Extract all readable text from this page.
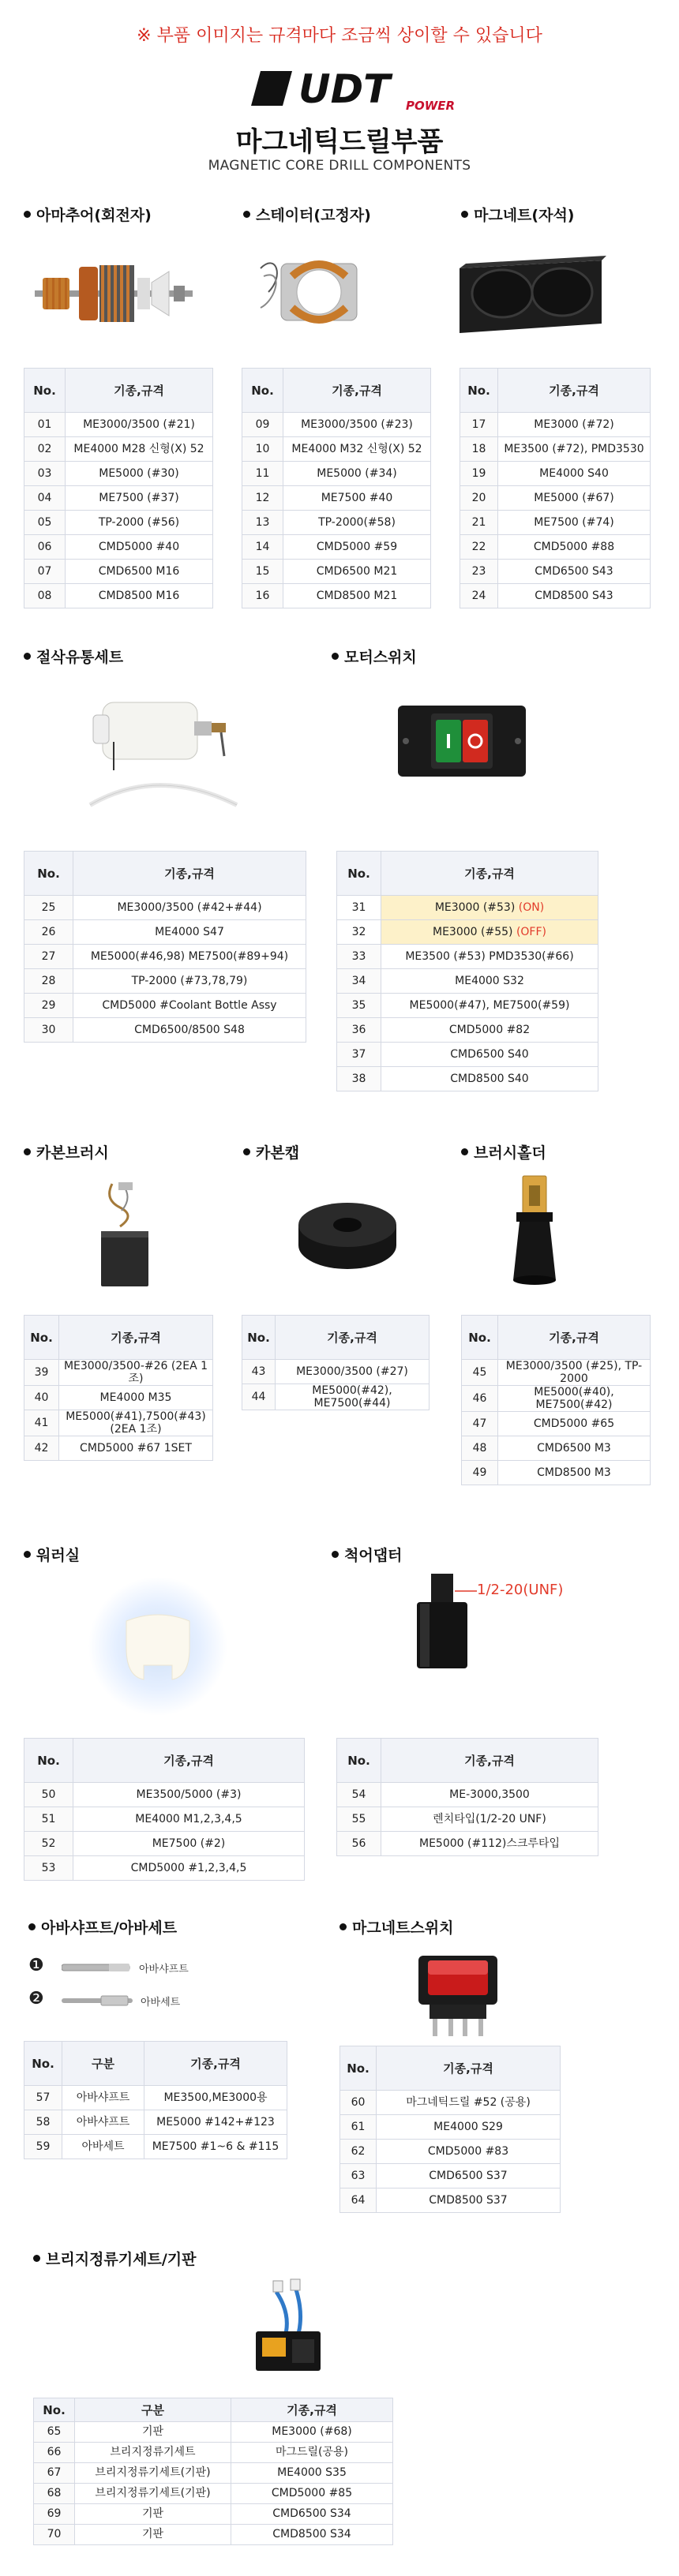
※ 부품 이미지는 규격마다 조금씩 상이할 수 있습니다
UDT POWER
마그네틱드릴부품
MAGNETIC CORE DRILL COMPONENTS
아마추어(회전자)	스테이터(고정자)	마그네트(자석)
No.	기종,규격
01	ME3000/3500 (#21)
02	ME4000 M28 신형(X) 52
03	ME5000 (#30)
04	ME7500 (#37)
05	TP-2000 (#56)
06	CMD5000 #40
07	CMD6500 M16
08	CMD8500 M16
No.	기종,규격
09	ME3000/3500 (#23)
10	ME4000 M32 신형(X) 52
11	ME5000 (#34)
12	ME7500 #40
13	TP-2000(#58)
14	CMD5000 #59
15	CMD6500 M21
16	CMD8500 M21
No.	기종,규격
17	ME3000 (#72)
18	ME3500 (#72), PMD3530
19	ME4000 S40
20	ME5000 (#67)
21	ME7500 (#74)
22	CMD5000 #88
23	CMD6500 S43
24	CMD8500 S43
절삭유통세트	모터스위치
No.	기종,규격
25	ME3000/3500 (#42+#44)
26	ME4000 S47
27	ME5000(#46,98) ME7500(#89+94)
28	TP-2000 (#73,78,79)
29	CMD5000 #Coolant Bottle Assy
30	CMD6500/8500 S48
No.	기종,규격
31	ME3000 (#53) (ON)
32	ME3000 (#55) (OFF)
33	ME3500 (#53) PMD3530(#66)
34	ME4000 S32
35	ME5000(#47), ME7500(#59)
36	CMD5000 #82
37	CMD6500 S40
38	CMD8500 S40
카본브러시	카본캡	브러시홀더
No.	기종,규격
39	ME3000/3500-#26 (2EA 1조)
40	ME4000 M35
41	ME5000(#41),7500(#43) (2EA 1조)
42	CMD5000 #67 1SET
No.	기종,규격
43	ME3000/3500 (#27)
44	ME5000(#42), ME7500(#44)
No.	기종,규격
45	ME3000/3500 (#25), TP-2000
46	ME5000(#40), ME7500(#42)
47	CMD5000 #65
48	CMD6500 M3
49	CMD8500 M3
워러실	척어댑터
1/2-20(UNF)
No.	기종,규격
50	ME3500/5000 (#3)
51	ME4000 M1,2,3,4,5
52	ME7500 (#2)
53	CMD5000 #1,2,3,4,5
No.	기종,규격
54	ME-3000,3500
55	렌치타입(1/2-20 UNF)
56	ME5000 (#112)스크루타입
아바샤프트/아바세트	마그네트스위치
❶	아바샤프트
❷	아바세트
No.	구분	기종,규격
57	아바샤프트	ME3500,ME3000용
58	아바샤프트	ME5000 #142+#123
59	아바세트	ME7500 #1~6 & #115
No.	기종,규격
60	마그네틱드릴 #52 (공용)
61	ME4000 S29
62	CMD5000 #83
63	CMD6500 S37
64	CMD8500 S37
브리지정류기세트/기판
No.	구분	기종,규격
65	기판	ME3000 (#68)
66	브리지정류기세트	마그드릴(공용)
67	브리지정류기세트(기판)	ME4000 S35
68	브리지정류기세트(기판)	CMD5000 #85
69	기판	CMD6500 S34
70	기판	CMD8500 S34
